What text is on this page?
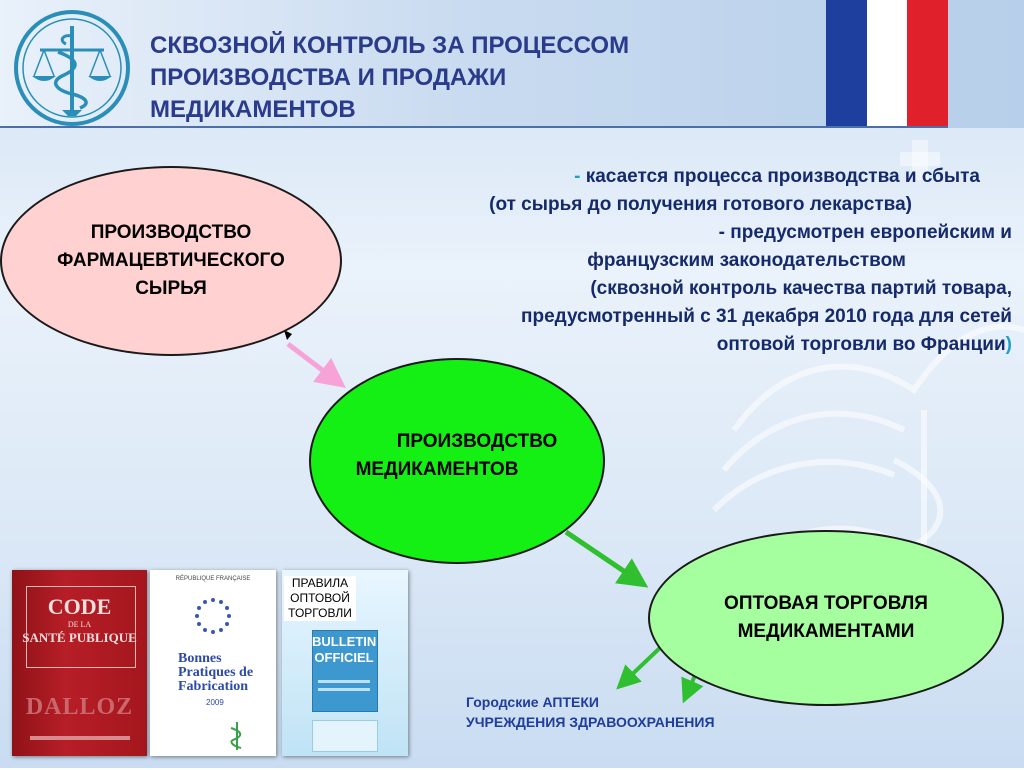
СКВОЗНОЙ КОНТРОЛЬ ЗА ПРОЦЕССОМ
ПРОИЗВОДСТВА И ПРОДАЖИ
МЕДИКАМЕНТОВ
- касается процесса производства и сбыта
(от сырья до получения готового лекарства)
- предусмотрен европейским и
французским законодательством
(сквозной контроль качества партий товара,
предусмотренный с 31 декабря 2010 года для сетей
оптовой торговли во Франции)
ПРОИЗВОДСТВО
ФАРМАЦЕВТИЧЕСКОГО
СЫРЬЯ
ПРОИЗВОДСТВО
МЕДИКАМЕНТОВ
ОПТОВАЯ ТОРГОВЛЯ
МЕДИКАМЕНТАМИ
CODE
DE LA
SANTÉ PUBLIQUE
DALLOZ
RÉPUBLIQUE FRANÇAISE
Bonnes
Pratiques de
Fabrication
2009
BULLETIN
OFFICIEL
ПРАВИЛА
ОПТОВОЙ
ТОРГОВЛИ
Городские АПТЕКИ
УЧРЕЖДЕНИЯ ЗДРАВООХРАНЕНИЯ
